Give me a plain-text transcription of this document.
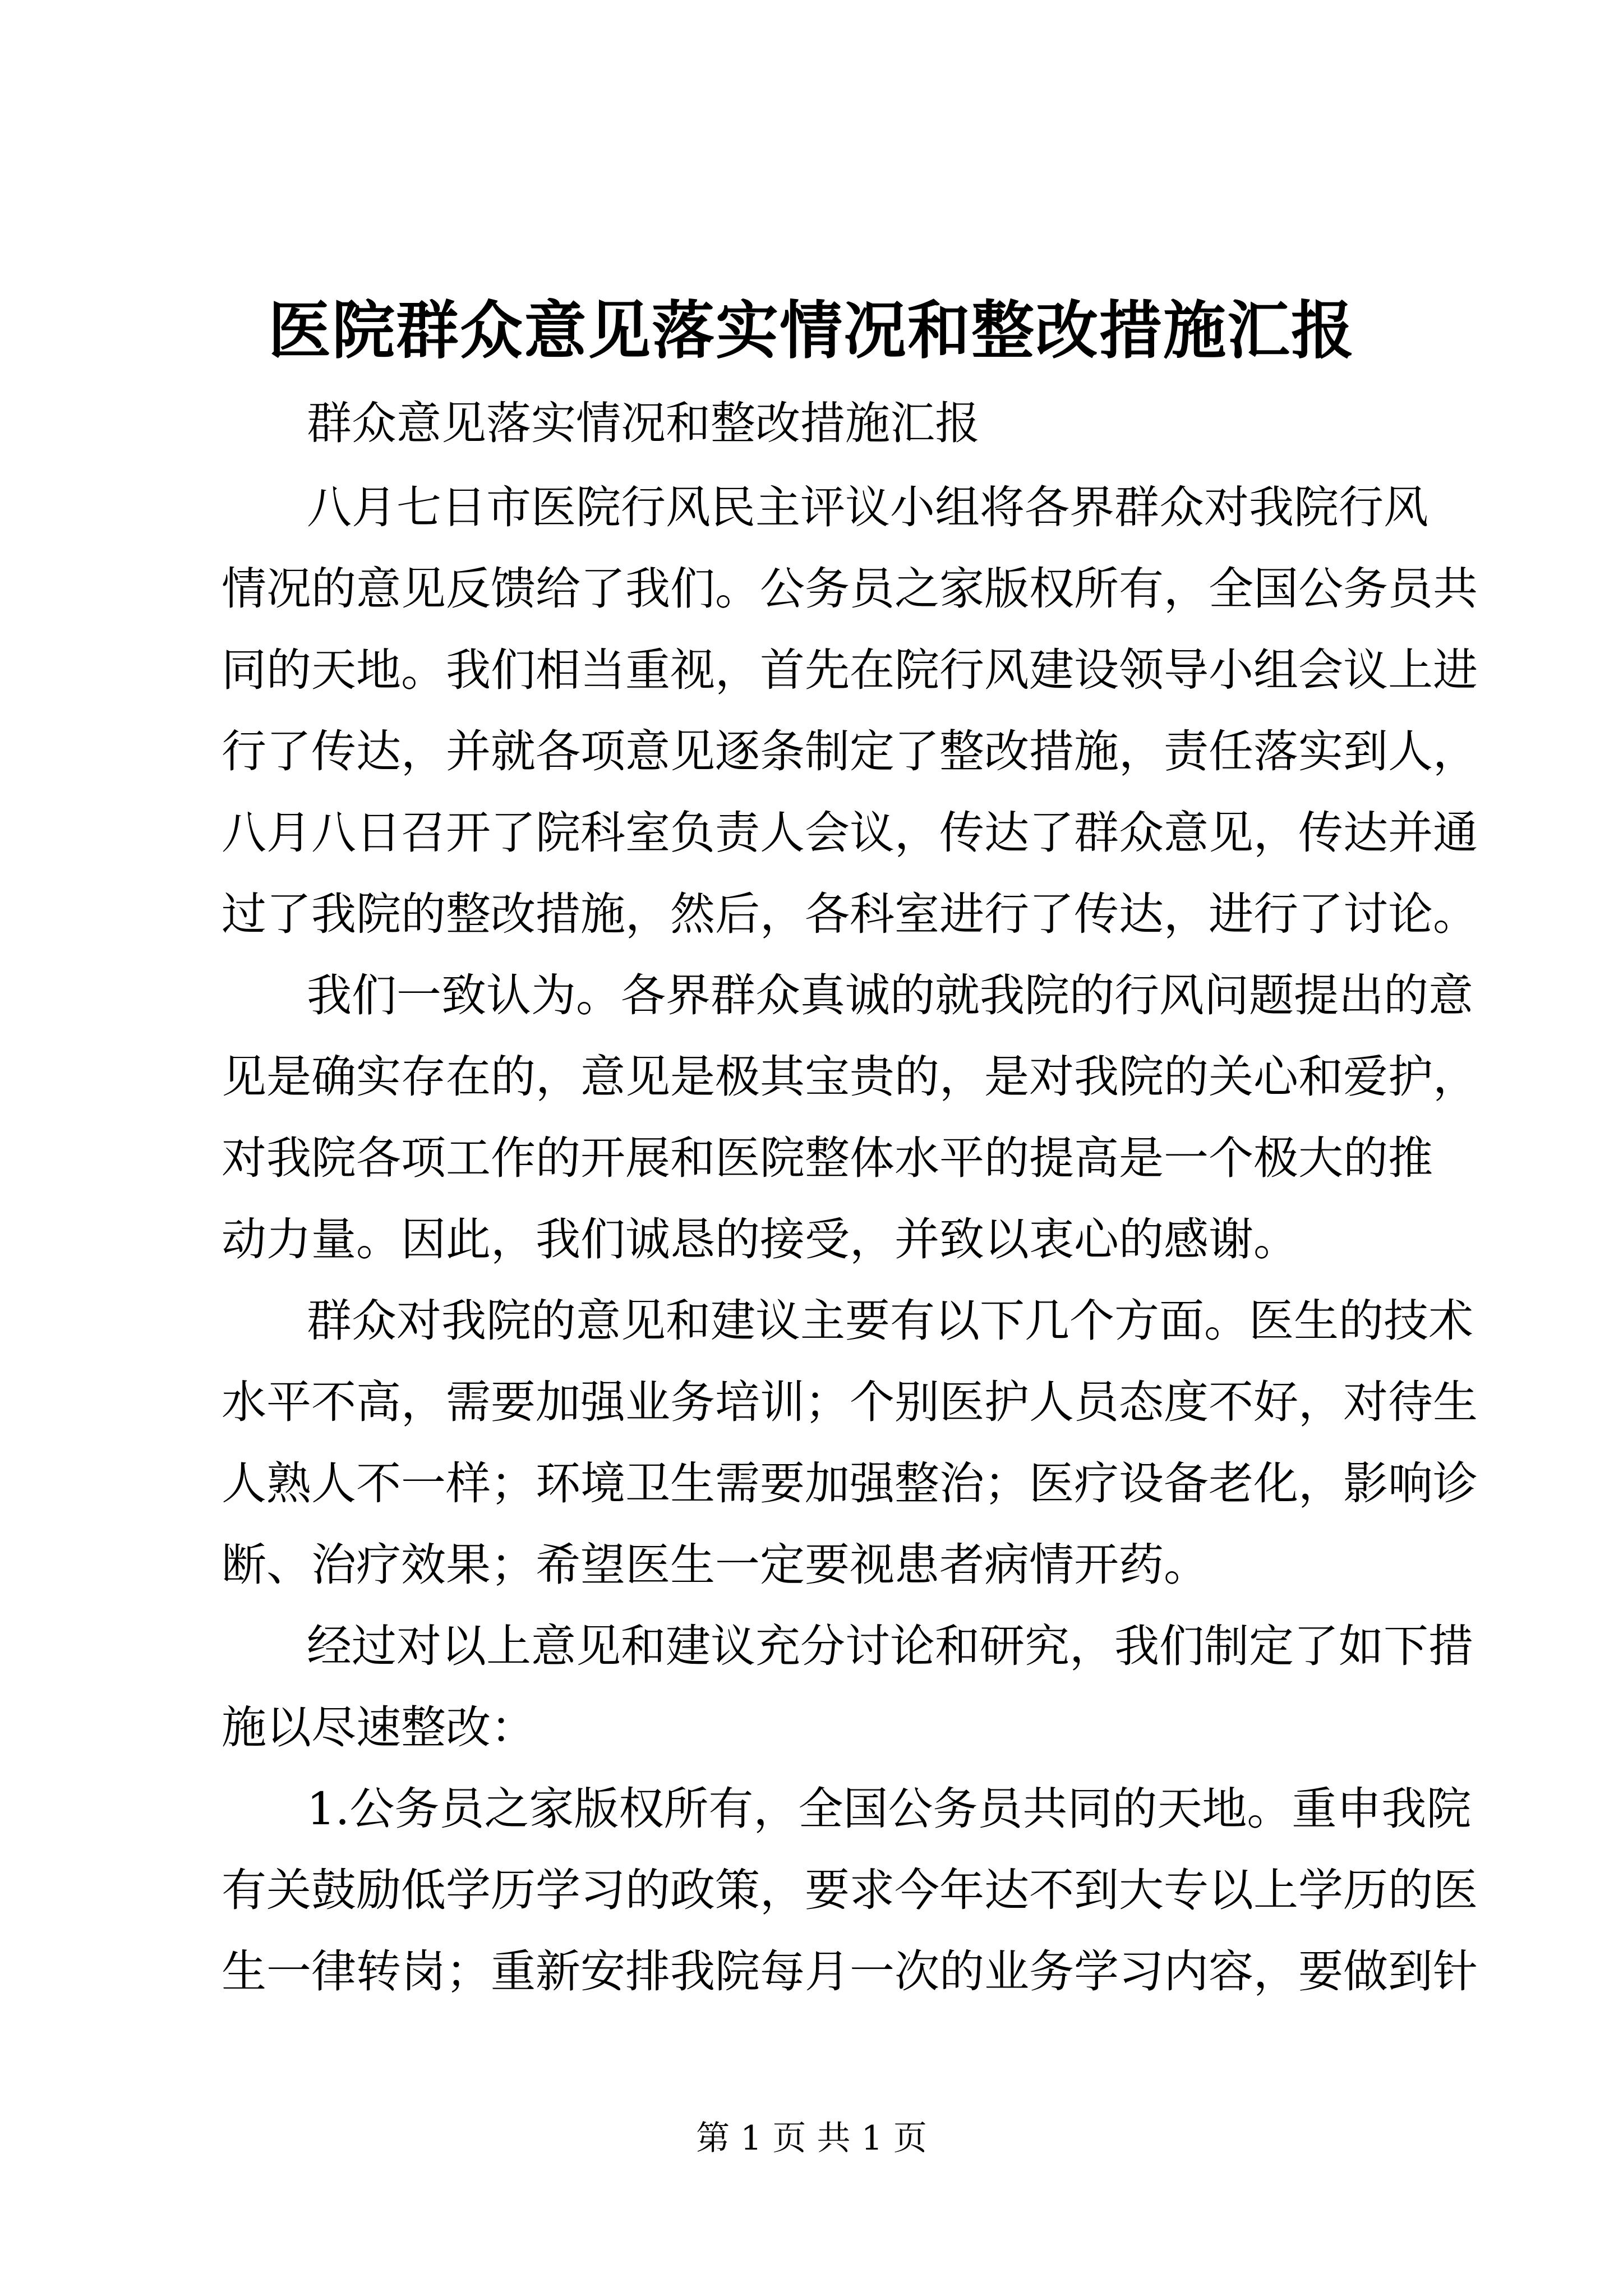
医院群众意见落实情况和整改措施汇报
群众意见落实情况和整改措施汇报
八月七日市医院行风民主评议小组将各界群众对我院行风
情况的意见反馈给了我们。公务员之家版权所有，全国公务员共
同的天地。我们相当重视，首先在院行风建设领导小组会议上进
行了传达，并就各项意见逐条制定了整改措施，责任落实到人，
八月八日召开了院科室负责人会议，传达了群众意见，传达并通
过了我院的整改措施，然后，各科室进行了传达，进行了讨论。
我们一致认为。各界群众真诚的就我院的行风问题提出的意
见是确实存在的，意见是极其宝贵的，是对我院的关心和爱护，
对我院各项工作的开展和医院整体水平的提高是一个极大的推
动力量。因此，我们诚恳的接受，并致以衷心的感谢。
群众对我院的意见和建议主要有以下几个方面。医生的技术
水平不高，需要加强业务培训；个别医护人员态度不好，对待生
人熟人不一样；环境卫生需要加强整治；医疗设备老化，影响诊
断、治疗效果；希望医生一定要视患者病情开药。
经过对以上意见和建议充分讨论和研究，我们制定了如下措
施以尽速整改：
1.公务员之家版权所有，全国公务员共同的天地。重申我院
有关鼓励低学历学习的政策，要求今年达不到大专以上学历的医
生一律转岗；重新安排我院每月一次的业务学习内容，要做到针
第 1 页 共 1 页
